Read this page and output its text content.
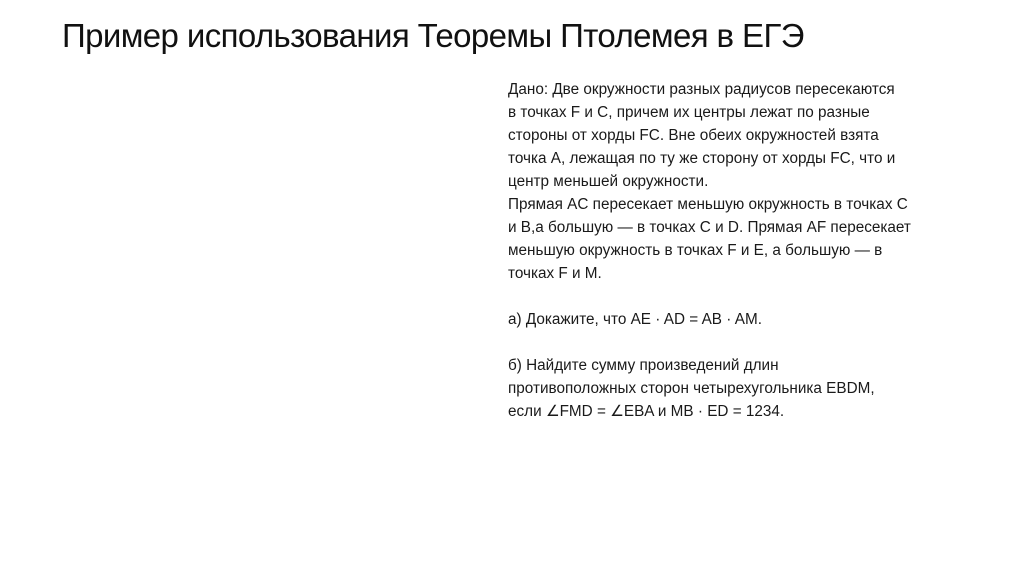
Пример использования Теоремы Птолемея в ЕГЭ
Дано: Две окружности разных радиусов пересекаются
в точках F и C, причем их центры лежат по разные
стороны от хорды FC. Вне обеих окружностей взята
точка A, лежащая по ту же сторону от хорды FC, что и
центр меньшей окружности.
Прямая AC пересекает меньшую окружность в точках C
и B,а большую — в точках C и D. Прямая AF пересекает
меньшую окружность в точках F и E, а большую — в
точках F и M.
а) Докажите, что AE · AD = AB · AM.
б) Найдите сумму произведений длин
противоположных сторон четырехугольника EBDM,
если ∠FMD = ∠EBA и MB · ED = 1234.
